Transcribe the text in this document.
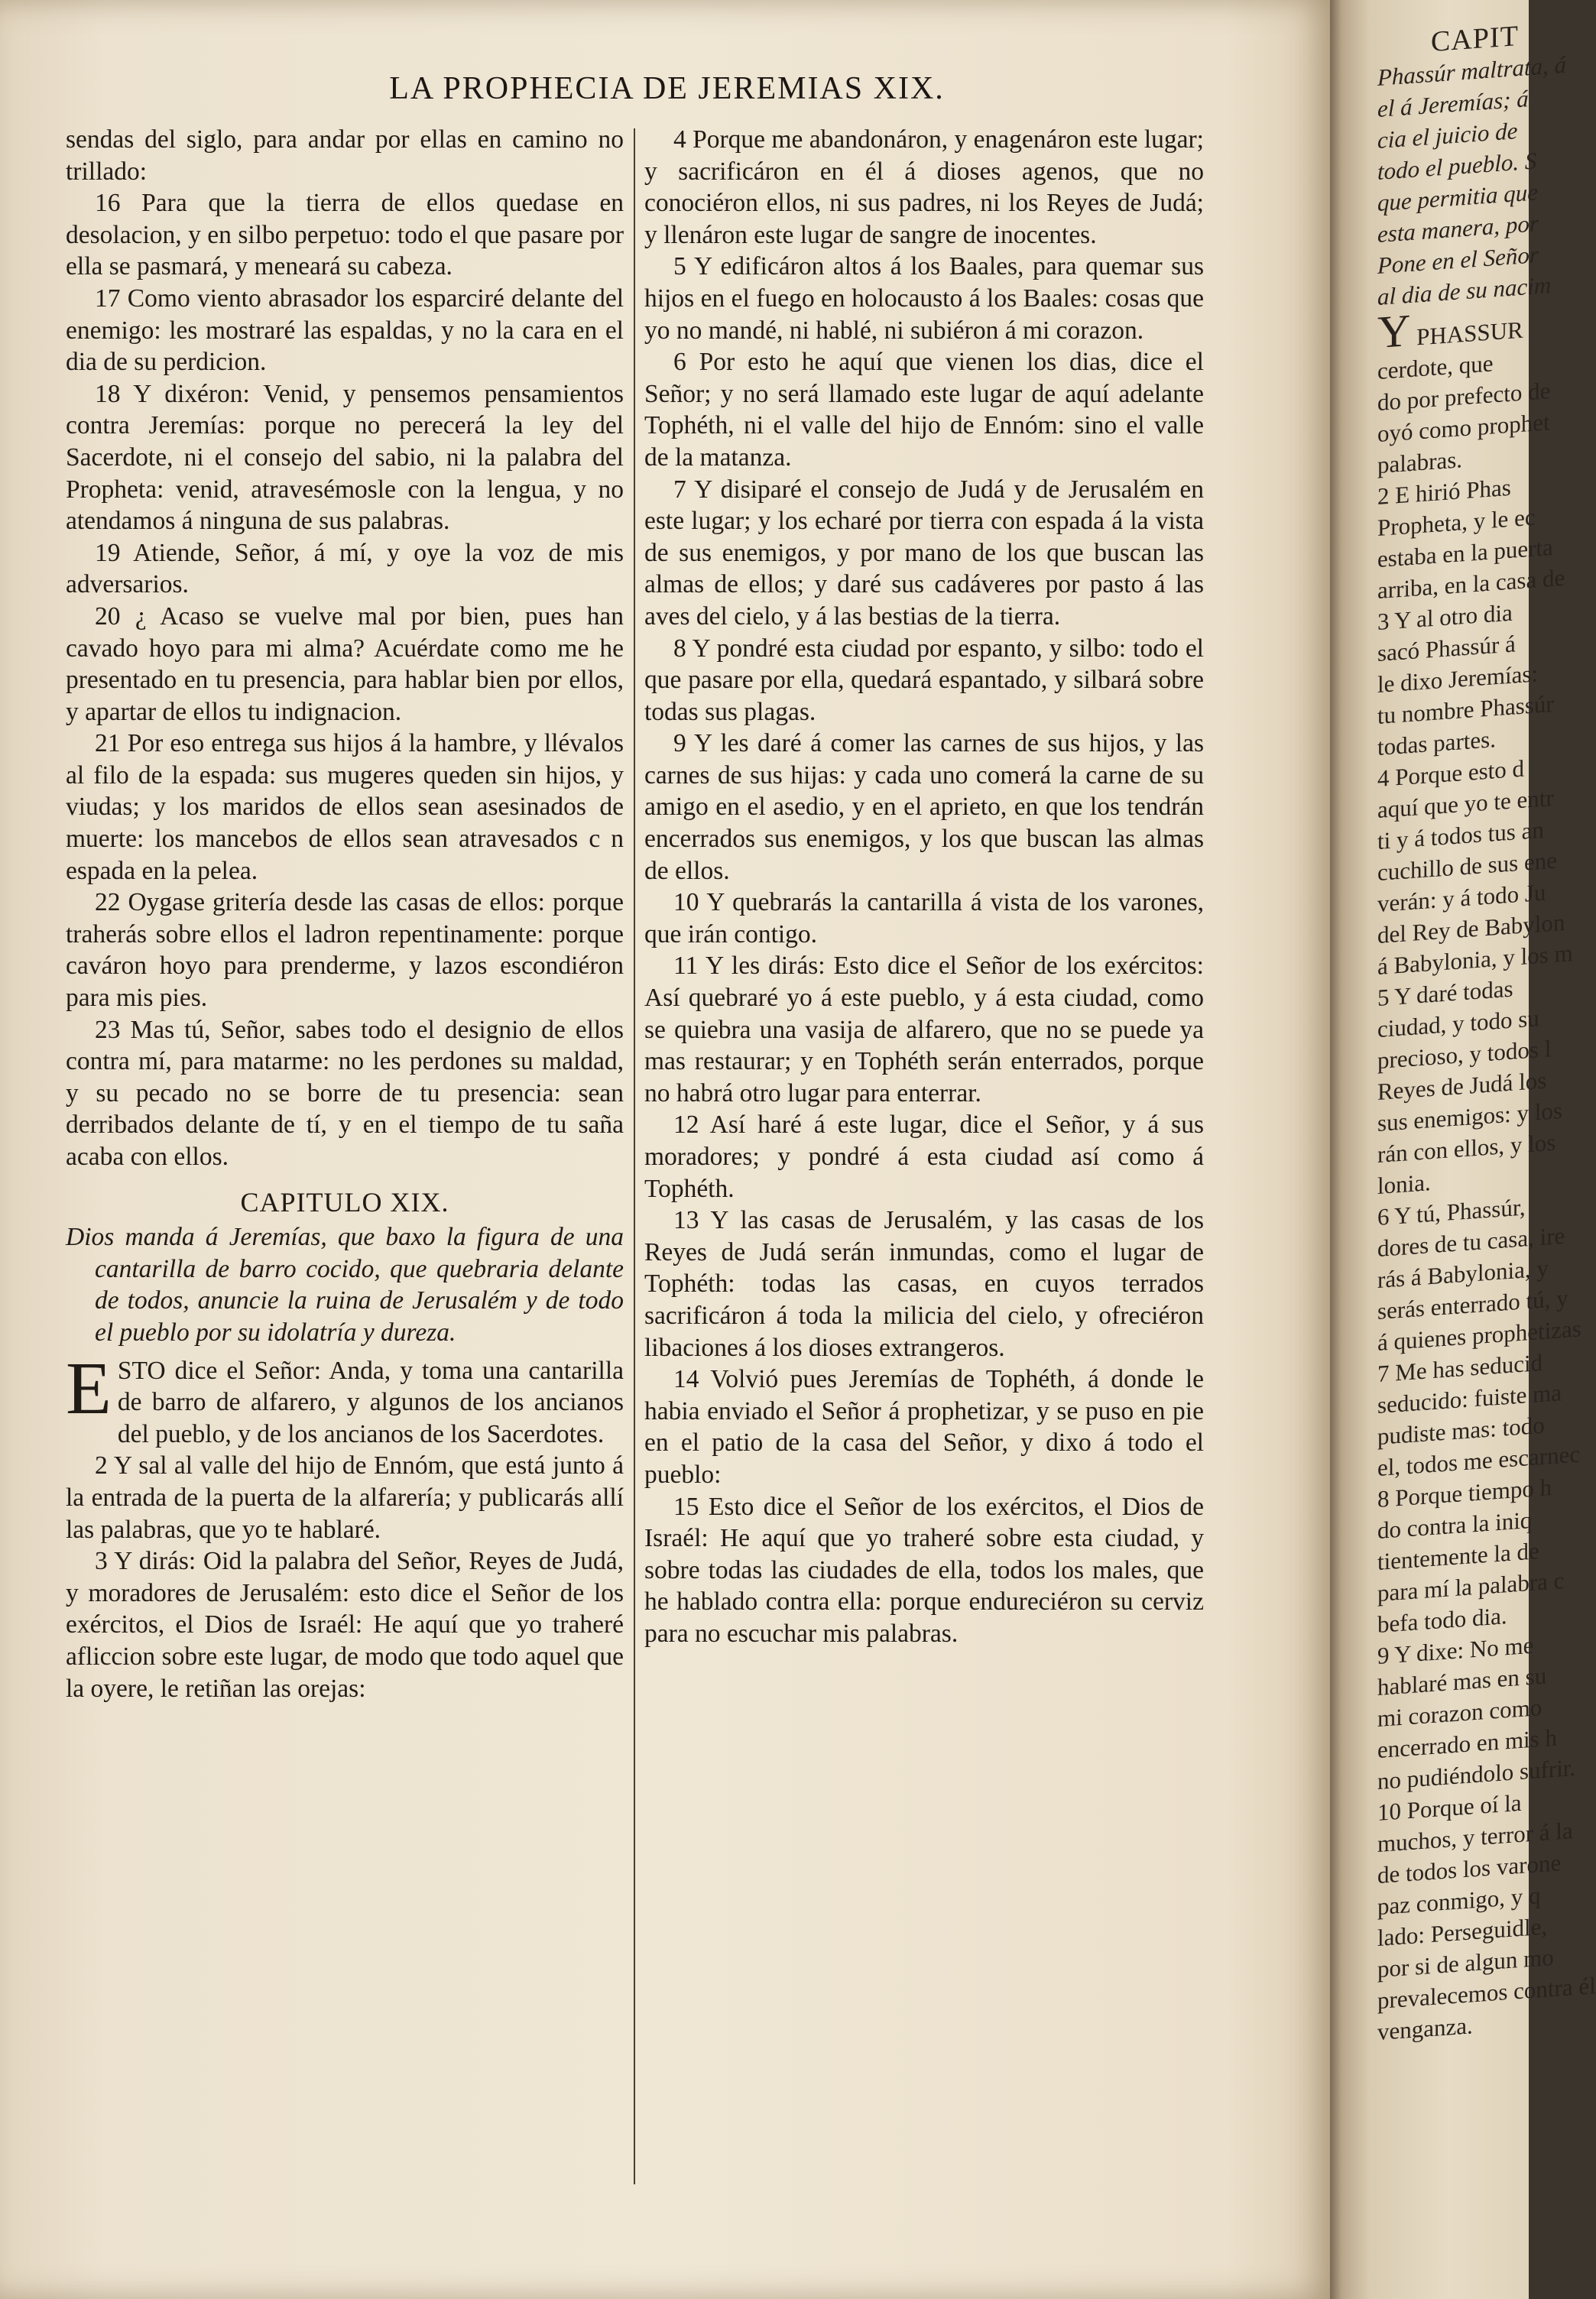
LA PROPHECIA DE JEREMIAS XIX.

sendas del siglo, para andar por ellas en camino no trillado:

16 Para que la tierra de ellos quedase en desolacion, y en silbo perpetuo: todo el que pasare por ella se pasmará, y meneará su cabeza.

17 Como viento abrasador los esparciré delante del enemigo: les mostraré las espaldas, y no la cara en el dia de su perdicion.

18 Y dixéron: Venid, y pensemos pensamientos contra Jeremías: porque no perecerá la ley del Sacerdote, ni el consejo del sabio, ni la palabra del Propheta: venid, atravesémosle con la lengua, y no atendamos á ninguna de sus palabras.

19 Atiende, Señor, á mí, y oye la voz de mis adversarios.

20 ¿ Acaso se vuelve mal por bien, pues han cavado hoyo para mi alma? Acuérdate como me he presentado en tu presencia, para hablar bien por ellos, y apartar de ellos tu indignacion.

21 Por eso entrega sus hijos á la hambre, y llévalos al filo de la espada: sus mugeres queden sin hijos, y viudas; y los maridos de ellos sean asesinados de muerte: los mancebos de ellos sean atravesados c n espada en la pelea.

22 Oygase gritería desde las casas de ellos: porque traherás sobre ellos el ladron repentinamente: porque caváron hoyo para prenderme, y lazos escondiéron para mis pies.

23 Mas tú, Señor, sabes todo el designio de ellos contra mí, para matarme: no les perdones su maldad, y su pecado no se borre de tu presencia: sean derribados delante de tí, y en el tiempo de tu saña acaba con ellos.

CAPITULO XIX.

Dios manda á Jeremías, que baxo la figura de una cantarilla de barro cocido, que quebraria delante de todos, anuncie la ruina de Jerusalém y de todo el pueblo por su idolatría y dureza.

ESTO dice el Señor: Anda, y toma una cantarilla de barro de alfarero, y algunos de los ancianos del pueblo, y de los ancianos de los Sacerdotes.

2 Y sal al valle del hijo de Ennóm, que está junto á la entrada de la puerta de la alfarería; y publicarás allí las palabras, que yo te hablaré.

3 Y dirás: Oid la palabra del Señor, Reyes de Judá, y moradores de Jerusalém: esto dice el Señor de los exércitos, el Dios de Israél: He aquí que yo traheré afliccion sobre este lugar, de modo que todo aquel que la oyere, le retiñan las orejas:

4 Porque me abandonáron, y enagenáron este lugar; y sacrificáron en él á dioses agenos, que no conociéron ellos, ni sus padres, ni los Reyes de Judá; y llenáron este lugar de sangre de inocentes.

5 Y edificáron altos á los Baales, para quemar sus hijos en el fuego en holocausto á los Baales: cosas que yo no mandé, ni hablé, ni subiéron á mi corazon.

6 Por esto he aquí que vienen los dias, dice el Señor; y no será llamado este lugar de aquí adelante Tophéth, ni el valle del hijo de Ennóm: sino el valle de la matanza.

7 Y disiparé el consejo de Judá y de Jerusalém en este lugar; y los echaré por tierra con espada á la vista de sus enemigos, y por mano de los que buscan las almas de ellos; y daré sus cadáveres por pasto á las aves del cielo, y á las bestias de la tierra.

8 Y pondré esta ciudad por espanto, y silbo: todo el que pasare por ella, quedará espantado, y silbará sobre todas sus plagas.

9 Y les daré á comer las carnes de sus hijos, y las carnes de sus hijas: y cada uno comerá la carne de su amigo en el asedio, y en el aprieto, en que los tendrán encerrados sus enemigos, y los que buscan las almas de ellos.

10 Y quebrarás la cantarilla á vista de los varones, que irán contigo.

11 Y les dirás: Esto dice el Señor de los exércitos: Así quebraré yo á este pueblo, y á esta ciudad, como se quiebra una vasija de alfarero, que no se puede ya mas restaurar; y en Tophéth serán enterrados, porque no habrá otro lugar para enterrar.

12 Así haré á este lugar, dice el Señor, y á sus moradores; y pondré á esta ciudad así como á Tophéth.

13 Y las casas de Jerusalém, y las casas de los Reyes de Judá serán inmundas, como el lugar de Tophéth: todas las casas, en cuyos terrados sacrificáron á toda la milicia del cielo, y ofreciéron libaciones á los dioses extrangeros.

14 Volvió pues Jeremías de Tophéth, á donde le habia enviado el Señor á prophetizar, y se puso en pie en el patio de la casa del Señor, y dixo á todo el pueblo:

15 Esto dice el Señor de los exércitos, el Dios de Israél: He aquí que yo traheré sobre esta ciudad, y sobre todas las ciudades de ella, todos los males, que he hablado contra ella: porque endureciéron su cerviz para no escuchar mis palabras.

CAPIT
Phassúr maltrata, á
el á Jeremías; á
cia el juicio de
todo el pueblo. S
que permitia que
esta manera, por
Pone en el Señor
al dia de su nacim
Y PHASSUR
cerdote, que
do por prefecto de
oyó como prophet
palabras.
2 E hirió Phas
Propheta, y le ec
estaba en la puerta
arriba, en la casa de
3 Y al otro dia
sacó Phassúr á
le dixo Jeremías:
tu nombre Phassúr
todas partes.
4 Porque esto d
aquí que yo te entr
ti y á todos tus an
cuchillo de sus ene
verán: y á todo Ju
del Rey de Babylon
á Babylonia, y los m
5 Y daré todas
ciudad, y todo su
precioso, y todos l
Reyes de Judá los
sus enemigos: y los
rán con ellos, y los
lonia.
6 Y tú, Phassúr,
dores de tu casa, ire
rás á Babylonia, y
serás enterrado tú, y
á quienes prophetizas
7 Me has seducid
seducido: fuiste ma
pudiste mas: todo
el, todos me escarnec
8 Porque tiempo h
do contra la iniq
tientemente la de
para mí la palabra c
befa todo dia.
9 Y dixe: No me
hablaré mas en su
mi corazon como
encerrado en mis h
no pudiéndolo sufrir.
10 Porque oí la
muchos, y terror á la
de todos los varone
paz conmigo, y q
lado: Perseguidle,
por si de algun mo
prevalecemos contra él
venganza.
